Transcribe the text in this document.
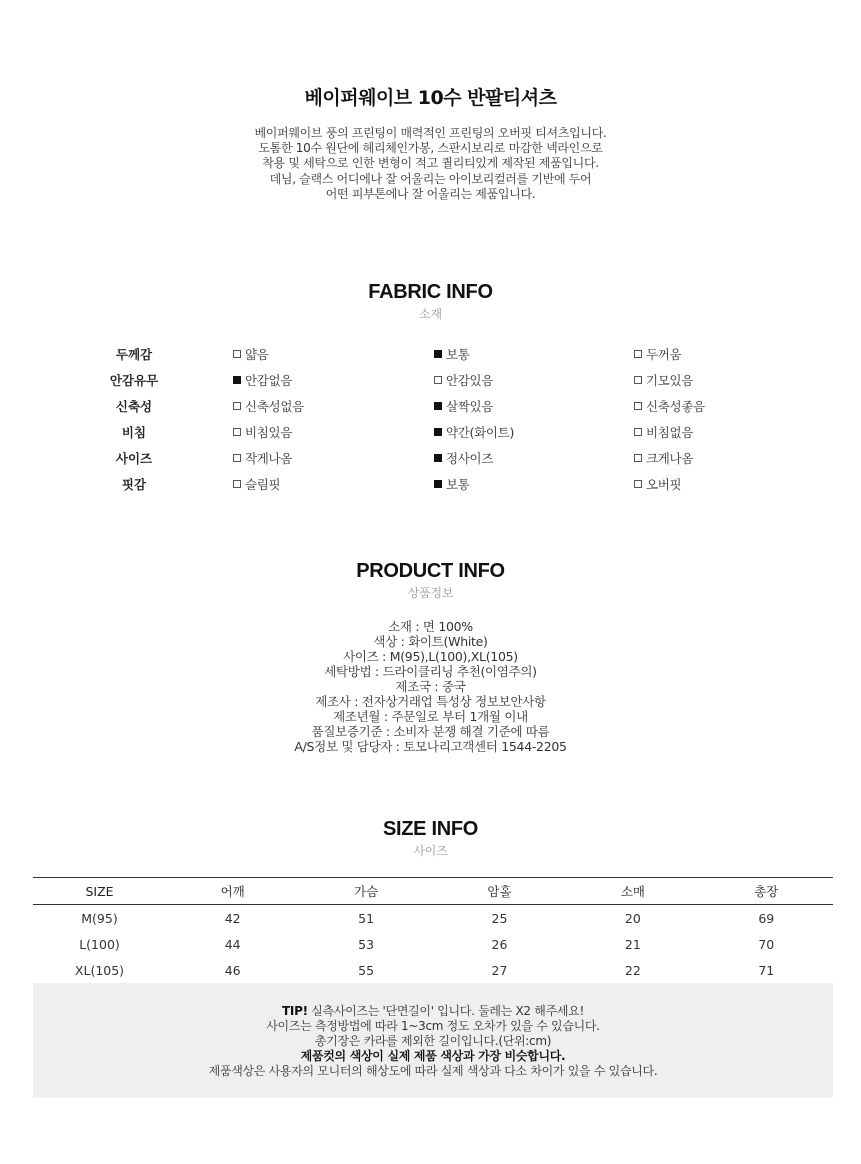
베이퍼웨이브 10수 반팔티셔츠
베이퍼웨이브 풍의 프린팅이 매력적인 프린팅의 오버핏 티셔츠입니다.
도톰한 10수 원단에 헤리체인가봉, 스판시보리로 마감한 넥라인으로
착용 및 세탁으로 인한 변형이 적고 퀄리티있게 제작된 제품입니다.
데님, 슬랙스 어디에나 잘 어울리는 아이보리컬러를 기반에 두어
어떤 피부톤에나 잘 어울리는 제품입니다.
FABRIC INFO
소재
두께감	얇음	보통	두꺼움
안감유무	안감없음	안감있음	기모있음
신축성	신축성없음	살짝있음	신축성좋음
비침	비침있음	약간(화이트)	비침없음
사이즈	작게나옴	정사이즈	크게나옴
핏감	슬림핏	보통	오버핏
PRODUCT INFO
상품정보
소재 : 면 100%
색상 : 화이트(White)
사이즈 : M(95),L(100),XL(105)
세탁방법 : 드라이클리닝 추천(이염주의)
제조국 : 중국
제조사 : 전자상거래업 특성상 정보보안사항
제조년월 : 주문일로 부터 1개월 이내
품질보증기준 : 소비자 분쟁 해결 기준에 따름
A/S정보 및 담당자 : 토모나리고객센터 1544-2205
SIZE INFO
사이즈
SIZE	어깨	가슴	암홀	소매	총장
M(95)	42	51	25	20	69
L(100)	44	53	26	21	70
XL(105)	46	55	27	22	71
TIP! 실측사이즈는 '단면길이' 입니다. 둘레는 X2 해주세요!
사이즈는 측정방법에 따라 1~3cm 정도 오차가 있을 수 있습니다.
총기장은 카라를 제외한 길이입니다.(단위:cm)
제품컷의 색상이 실제 제품 색상과 가장 비슷합니다.
제품색상은 사용자의 모니터의 해상도에 따라 실제 색상과 다소 차이가 있을 수 있습니다.
